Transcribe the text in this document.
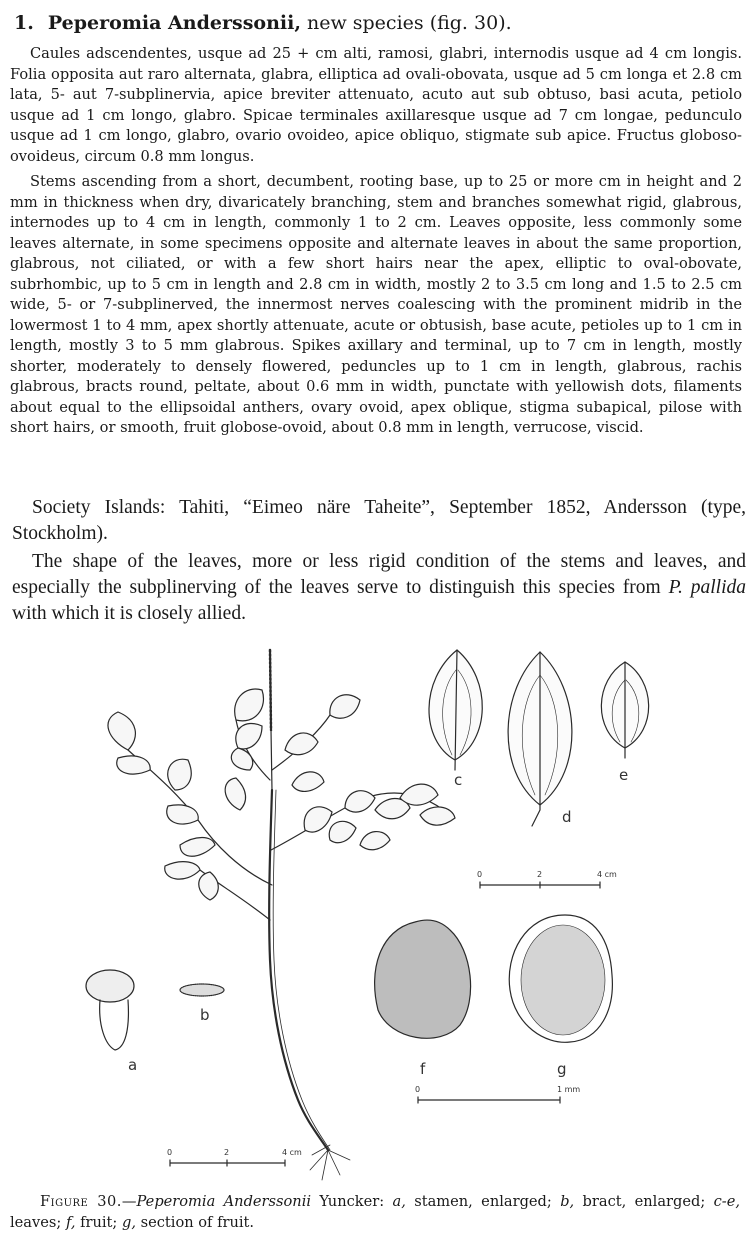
1. Peperomia Anderssonii, new species (fig. 30).

Caules adscendentes, usque ad 25 + cm alti, ramosi, glabri, internodis usque ad 4 cm longis. Folia opposita aut raro alternata, glabra, elliptica ad ovali-obovata, usque ad 5 cm longa et 2.8 cm lata, 5- aut 7-subplinervia, apice breviter attenuato, acuto aut sub obtuso, basi acuta, petiolo usque ad 1 cm longo, glabro. Spicae terminales axillaresque usque ad 7 cm longae, pedunculo usque ad 1 cm longo, glabro, ovario ovoideo, apice obliquo, stigmate sub apice. Fructus globoso-ovoideus, circum 0.8 mm longus.

Stems ascending from a short, decumbent, rooting base, up to 25 or more cm in height and 2 mm in thickness when dry, divaricately branching, stem and branches somewhat rigid, glabrous, internodes up to 4 cm in length, commonly 1 to 2 cm. Leaves opposite, less commonly some leaves alternate, in some specimens opposite and alternate leaves in about the same proportion, glabrous, not ciliated, or with a few short hairs near the apex, elliptic to oval-obovate, subrhombic, up to 5 cm in length and 2.8 cm in width, mostly 2 to 3.5 cm long and 1.5 to 2.5 cm wide, 5- or 7-subplinerved, the innermost nerves coalescing with the prominent midrib in the lowermost 1 to 4 mm, apex shortly attenuate, acute or obtusish, base acute, petioles up to 1 cm in length, mostly 3 to 5 mm glabrous. Spikes axillary and terminal, up to 7 cm in length, mostly shorter, moderately to densely flowered, peduncles up to 1 cm in length, glabrous, rachis glabrous, bracts round, peltate, about 0.6 mm in width, punctate with yellowish dots, filaments about equal to the ellipsoidal anthers, ovary ovoid, apex oblique, stigma subapical, pilose with short hairs, or smooth, fruit globose-ovoid, about 0.8 mm in length, verrucose, viscid.

Society Islands: Tahiti, “Eimeo näre Taheite”, September 1852, Andersson (type, Stockholm).

The shape of the leaves, more or less rigid condition of the stems and leaves, and especially the subplinerving of the leaves serve to distinguish this species from P. pallida with which it is closely allied.

a
b
c
d
e
f	g
0	2	4 cm
0	1 mm
0	2	4 cm

Figure 30.—Peperomia Anderssonii Yuncker: a, stamen, enlarged; b, bract, enlarged; c-e, leaves; f, fruit; g, section of fruit.
